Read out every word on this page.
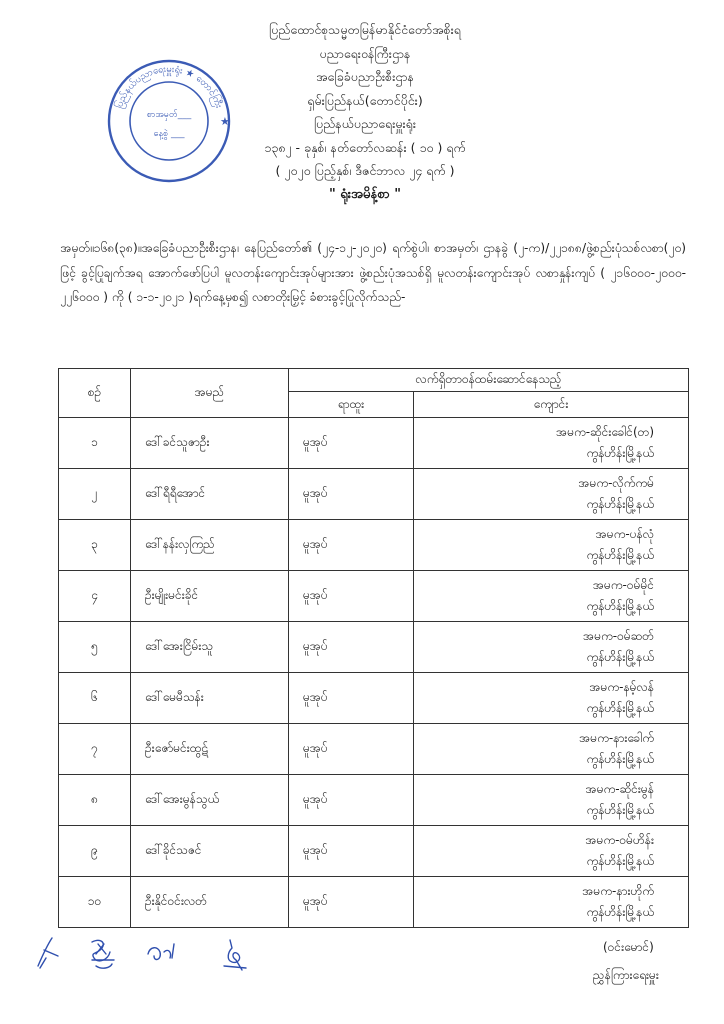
ပြည်ထောင်စုသမ္မတမြန်မာနိုင်ငံတော်အစိုးရ
ပညာရေးဝန်ကြီးဌာန
အခြေခံပညာဦးစီးဌာန
ရှမ်းပြည်နယ်(တောင်ပိုင်း)
ပြည်နယ်ပညာရေးမှူးရုံး
၁၃၈၂ - ခုနှစ်၊ နတ်တော်လဆန်း ( ၁၀ ) ရက်
( ၂၀၂၀ ပြည့်နှစ်၊ ဒီဇင်ဘာလ ၂၄ ရက် )
" ရုံးအမိန့်စာ "
ပြည်နယ်ပညာရေးမှူးရုံး ★ တောင်ကြီး
စာအမှတ်___
နေ့စွဲ ___
★
အမှတ်။၁၆၈(၃၈)။အခြေခံပညာဦးစီးဌာန၊ နေပြည်တော်၏ (၂၄-၁၂-၂၀၂၀) ရက်စွဲပါ၊ စာအမှတ်၊ ဌာနခွဲ (၂-က)/၂၂၁၈၈/ဖွဲ့စည်းပုံသစ်လစာ(၂၀) ဖြင့် ခွင့်ပြုချက်အရ အောက်ဖော်ပြပါ မူလတန်းကျောင်းအုပ်များအား ဖွဲ့စည်းပုံအသစ်ရှိ မူလတန်းကျောင်းအုပ် လစာနှုန်းကျပ် ( ၂၁၆၀၀၀-၂၀၀၀- ၂၂၆၀၀၀ ) ကို ( ၁-၁-၂၀၂၁ )ရက်နေ့မှစ၍ လစာတိုးမြှင့် ခံစားခွင့်ပြုလိုက်သည်-
စဉ်	အမည်	လက်ရှိတာဝန်ထမ်းဆောင်နေသည့်	
		ရာထူး	ကျောင်း
၁	ဒေါ်ခင်သူဇာဦး	မူအုပ်	အမက-ဆိုင်းခေါင်(တ)
ကွန်ဟိန်းမြို့နယ်

၂	ဒေါ်ရီရီအောင်	မူအုပ်	အမက-လိုက်ကမ်
ကွန်ဟိန်းမြို့နယ်

၃	ဒေါ်နန်းလှကြည်	မူအုပ်	အမက-ပန်လုံ
ကွန်ဟိန်းမြို့နယ်

၄	ဦးမျိုးမင်းခိုင်	မူအုပ်	အမက-ဝမ်မိုင်
ကွန်ဟိန်းမြို့နယ်

၅	ဒေါ်အေးငြိမ်းသူ	မူအုပ်	အမက-ဝမ်ဆတ်
ကွန်ဟိန်းမြို့နယ်

၆	ဒေါ်မေမီသန်း	မူအုပ်	အမက-နမ့်လန်
ကွန်ဟိန်းမြို့နယ်

၇	ဦးဇော်မင်းထွဋ်	မူအုပ်	အမက-နားခေါက်
ကွန်ဟိန်းမြို့နယ်

၈	ဒေါ်အေးမွန်သွယ်	မူအုပ်	အမက-ဆိုင်းမွန်
ကွန်ဟိန်းမြို့နယ်

၉	ဒေါ်ခိုင်သဇင်	မူအုပ်	အမက-ဝမ်ဟိန်း
ကွန်ဟိန်းမြို့နယ်

၁၀	ဦးနိုင်ဝင်းလတ်	မူအုပ်	အမက-နားဟိုက်
ကွန်ဟိန်းမြို့နယ်
(ဝင်းမောင်)
ညွှန်ကြားရေးမှူး
